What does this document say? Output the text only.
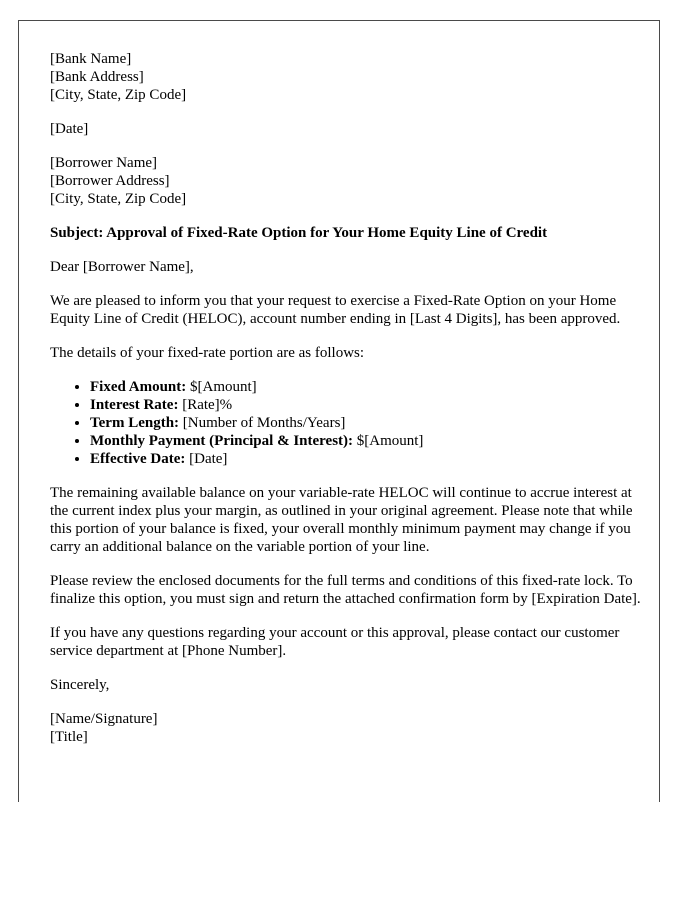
[Bank Name]
[Bank Address]
[City, State, Zip Code]

[Date]

[Borrower Name]
[Borrower Address]
[City, State, Zip Code]

Subject: Approval of Fixed-Rate Option for Your Home Equity Line of Credit

Dear [Borrower Name],

We are pleased to inform you that your request to exercise a Fixed-Rate Option on your Home Equity Line of Credit (HELOC), account number ending in [Last 4 Digits], has been approved.

The details of your fixed-rate portion are as follows:

• Fixed Amount: $[Amount]
• Interest Rate: [Rate]%
• Term Length: [Number of Months/Years]
• Monthly Payment (Principal & Interest): $[Amount]
• Effective Date: [Date]

The remaining available balance on your variable-rate HELOC will continue to accrue interest at the current index plus your margin, as outlined in your original agreement. Please note that while this portion of your balance is fixed, your overall monthly minimum payment may change if you carry an additional balance on the variable portion of your line.

Please review the enclosed documents for the full terms and conditions of this fixed-rate lock. To finalize this option, you must sign and return the attached confirmation form by [Expiration Date].

If you have any questions regarding your account or this approval, please contact our customer service department at [Phone Number].

Sincerely,

[Name/Signature]
[Title]
